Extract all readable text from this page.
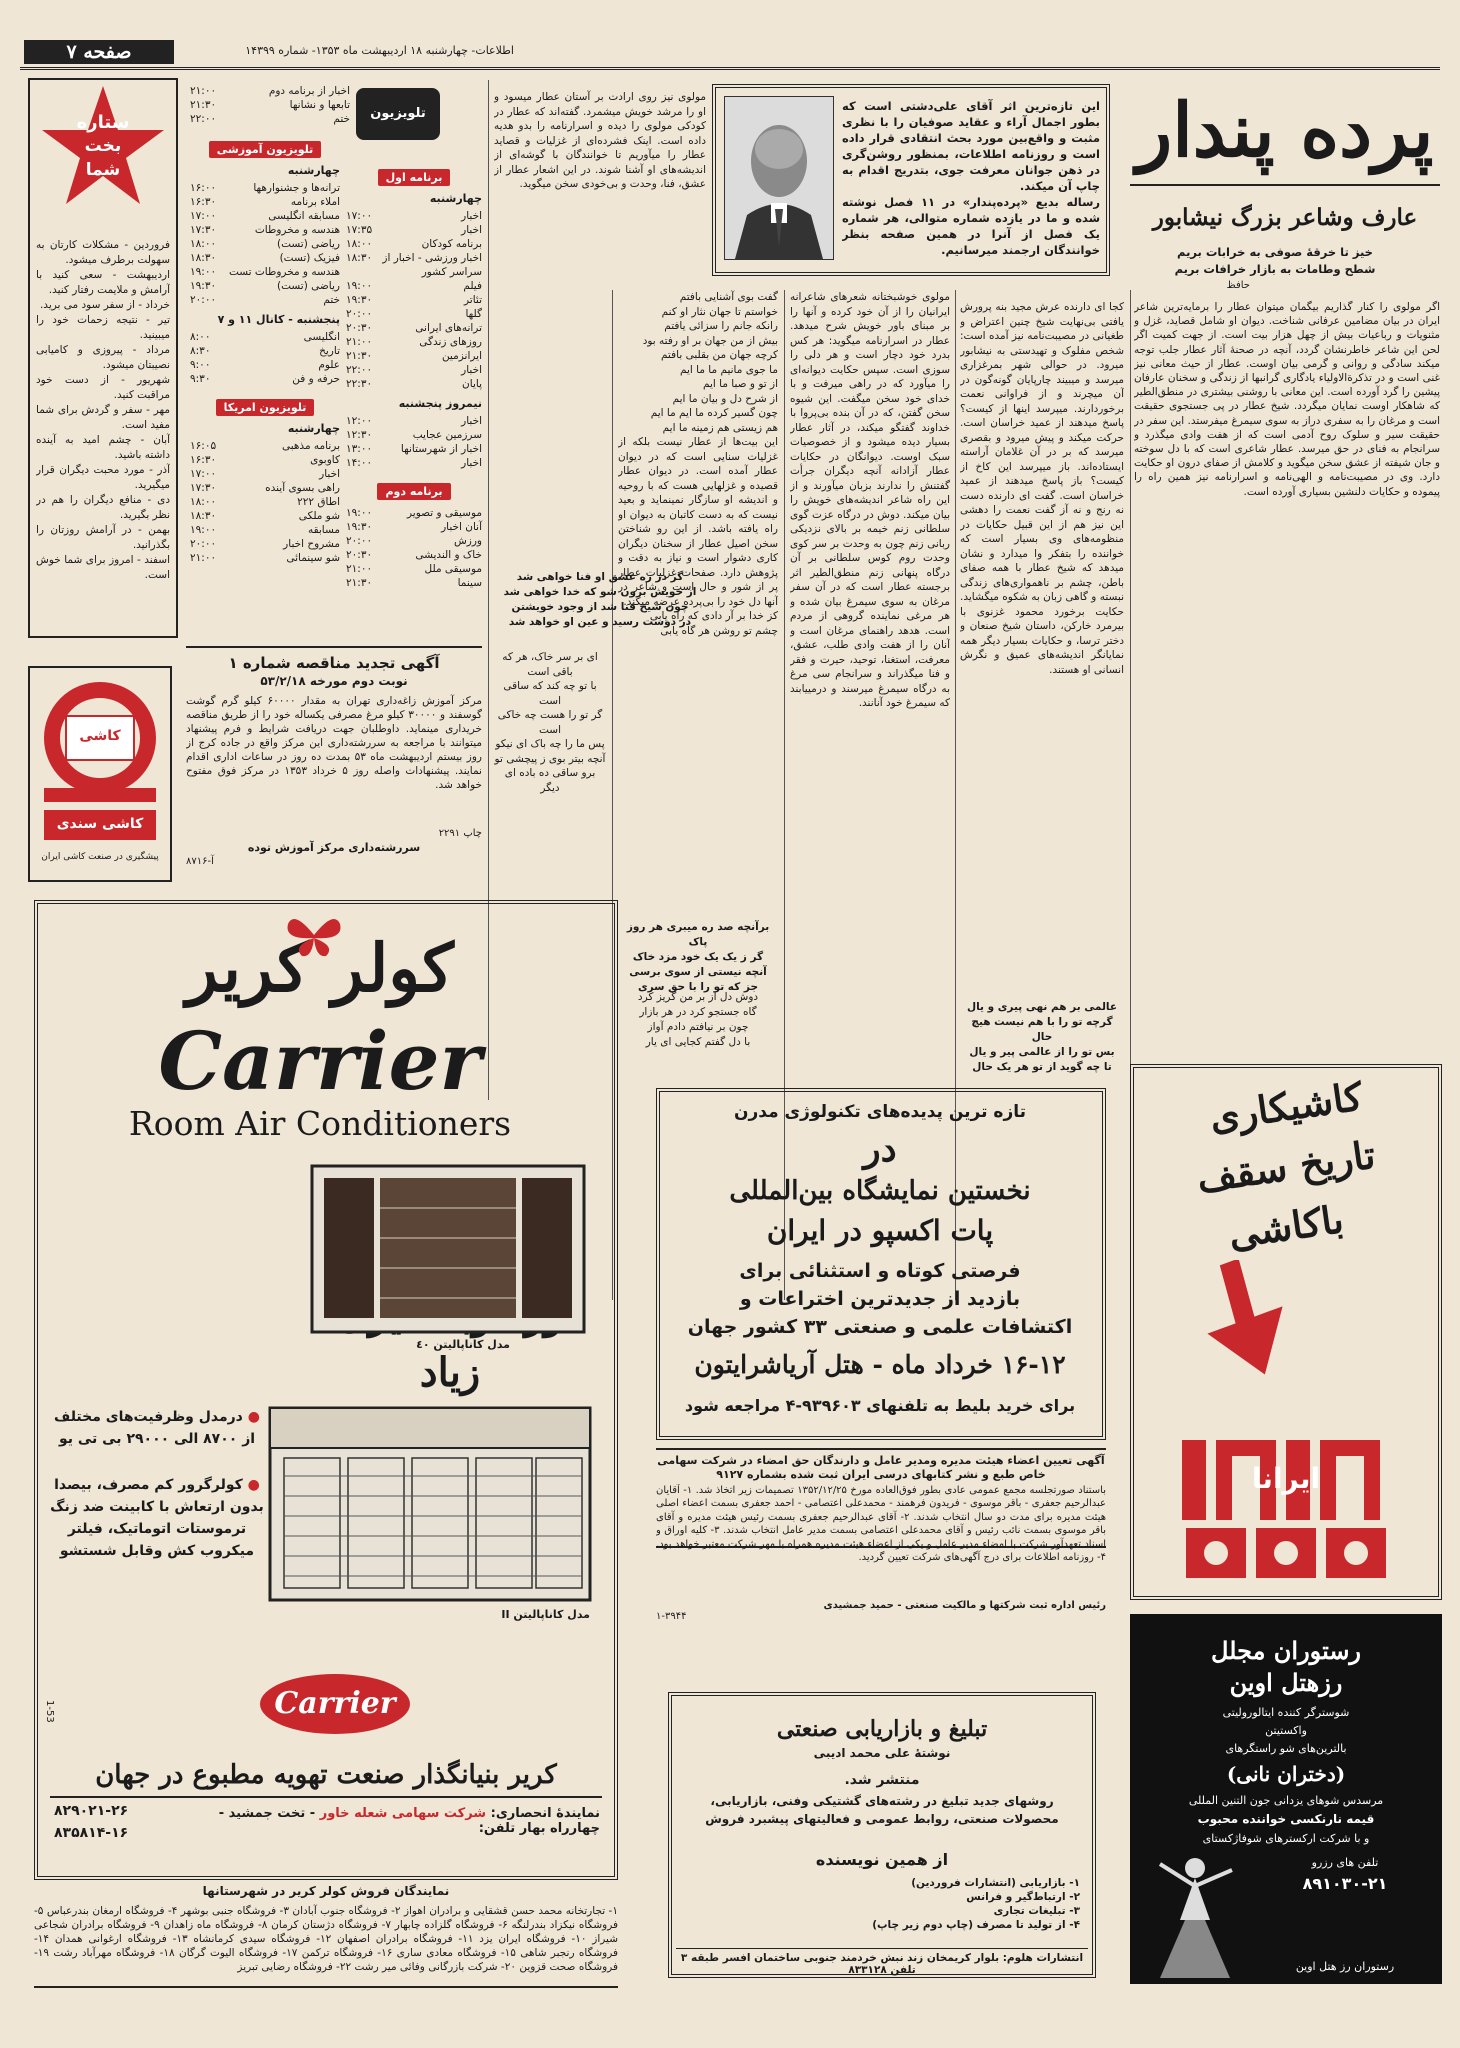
صفحه ۷	اطلاعات- چهارشنبه ۱۸ اردیبهشت ماه ۱۳۵۳- شماره ۱۴۳۹۹
پرده پندار
عارف وشاعر بزرگ نیشابور
خیز تا خرقهٔ صوفی به خرابات بریم
شطح وطامات به بازار خرافات بریم
حافظ
این تازه‌ترین اثر آقای علی‌دشتی است که بطور اجمال آراء و عقاید صوفیان را با نظری مثبت و واقع‌بین مورد بحث انتقادی قرار داده است و روزنامه اطلاعات، بمنظور روشن‌گری در ذهن جوانان معرفت جوی، بتدریج اقدام به چاپ آن میکند.
رساله بدیع «پرده‌پندار» در ۱۱ فصل نوشته شده و ما در یازده شماره متوالی، هر شماره یک فصل از آنرا در همین صفحه بنظر خوانندگان ارجمند میرسانیم.
اگر مولوی را کنار گذاریم بیگمان میتوان عطار را برمایه‌ترین شاعر ایران در بیان مضامین عرفانی شناخت. دیوان او شامل قصاید، غزل و مثنویات و رباعیات بیش از چهل هزار بیت است. از جهت کمیت اگر لحن این شاعر خاطرنشان گردد، آنچه در صحنهٔ آثار عطار جلب توجه میکند سادگی و روانی و گرمی بیان اوست. عطار از حیث معانی نیز غنی است و در تذکرة‌الاولیاء یادگاری گرانبها از زندگی و سخنان عارفان پیشین را گرد آورده است. این معانی با روشنی بیشتری در منطق‌الطیر که شاهکار اوست نمایان میگردد. شیخ عطار در پی جستجوی حقیقت است و مرغان را به سفری دراز به سوی سیمرغ میفرستد. این سفر در حقیقت سیر و سلوک روح آدمی است که از هفت وادی میگذرد و سرانجام به فنای در حق میرسد. عطار شاعری است که با دل سوخته و جان شیفته از عشق سخن میگوید و کلامش از صفای درون او حکایت دارد. وی در مصیبت‌نامه و الهی‌نامه و اسرارنامه نیز همین راه را پیموده و حکایات دلنشین بسیاری آورده است.
کجا ای دارنده عرش مجید بنه پرورش یافتی بی‌نهایت شیخ چنین اعتراض و طغیانی در مصیبت‌نامه نیز آمده است: شخص مفلوک و تهیدستی به نیشابور میرود. در حوالی شهر بمرغزاری میرسد و میبیند چارپایان گونه‌گون در آن میچرند و از فراوانی نعمت برخوردارند. میپرسد اینها از کیست؟ پاسخ میدهند از عمید خراسان است. حرکت میکند و پیش میرود و بقصری میرسد که بر در آن غلامان آراسته ایستاده‌اند. باز میپرسد این کاخ از کیست؟ باز پاسخ میدهند از عمید خراسان است. گفت ای دارنده دست نه رنج و نه آز گفت نعمت را دهشی این نیز هم از این قبیل حکایات در منظومه‌های وی بسیار است که خواننده را بتفکر وا میدارد و نشان میدهد که شیخ عطار با همه صفای باطن، چشم بر ناهمواری‌های زندگی نبسته و گاهی زبان به شکوه میگشاید. حکایت برخورد محمود غزنوی با بیرمرد خارکن، داستان شیخ صنعان و دختر ترسا، و حکایات بسیار دیگر همه نمایانگر اندیشه‌های عمیق و نگرش انسانی او هستند.
عالمی بر هم نهی پیری و یال
گرچه تو را با هم نیست هیچ حال
بس تو را از عالمی پیر و یال
تا چه گوید از تو هر یک حال
مولوی خوشبختانه شعرهای شاعرانه ایرانیان را از آن خود کرده و آنها را بر مبنای باور خویش شرح میدهد. عطار در اسرارنامه میگوید: هر کس بدرد خود دچار است و هر دلی را سوزی است. سپس حکایت دیوانه‌ای را میآورد که در راهی میرفت و با خدای خود سخن میگفت. این شیوه سخن گفتن، که در آن بنده بی‌پروا با خداوند گفتگو میکند، در آثار عطار بسیار دیده میشود و از خصوصیات سبک اوست. دیوانگان در حکایات عطار آزادانه آنچه دیگران جرأت گفتنش را ندارند بزبان میآورند و از این راه شاعر اندیشه‌های خویش را بیان میکند. دوش در درگاه عزت گوی سلطانی زنم خیمه بر بالای نزدیکی ربانی زنم چون به وحدت بر سر کوی وحدت روم کوس سلطانی بر آن درگاه پنهانی زنم منطق‌الطیر اثر برجسته عطار است که در آن سفر مرغان به سوی سیمرغ بیان شده و هر مرغی نماینده گروهی از مردم است. هدهد راهنمای مرغان است و آنان را از هفت وادی طلب، عشق، معرفت، استغنا، توحید، حیرت و فقر و فنا میگذراند و سرانجام سی مرغ به درگاه سیمرغ میرسند و درمییابند که سیمرغ خود آنانند.
گفت بوی آشنایی بافتم
خواستم تا جهان نثار او کنم
رانکه جانم را سزائی یافتم
بیش از من جهان بر او رفته بود
کرچه جهان من بقلبی بافتم
ما جوی مانیم ما ما ایم
از تو و صبا ما ایم
از شرح دل و بیان ما ایم
چون گسیر کرده ما ایم ما ایم
هم زیستی هم زمینه ما ایم
این بیت‌ها از عطار نیست بلکه از غزلیات سنایی است که در دیوان عطار آمده است. در دیوان عطار قصیده و غزلهایی هست که با روحیه و اندیشه او سازگار نمینماید و بعید نیست که به دست کاتبان به دیوان او راه یافته باشد. از این رو شناختن سخن اصیل عطار از سخنان دیگران کاری دشوار است و نیاز به دقت و پژوهش دارد. صفحات غزلیات عطار پر از شور و حال است و شاعر در آنها دل خود را بی‌پرده عرضه میکند.
کز خدا بر آر دادی که راه یابی
چشم تو روشن هر گاه یابی
برآنچه صد ره میبری هر روز پاک
گر ز یک یک خود مزد خاک
آنچه نیستی از سوی برسی
جز که تو را با حق سری
دوش دل از بر من گریز کرد
گاه جستجو کرد در هر بازار
چون بر نیافتم دادم آواز
با دل گفتم کجایی ای یار
مولوی نیز روی ارادت بر آستان عطار میسود و او را مرشد خویش میشمرد. گفته‌اند که عطار در کودکی مولوی را دیده و اسرارنامه را بدو هدیه داده است. اینک فشرده‌ای از غزلیات و قصاید عطار را میآوریم تا خوانندگان با گوشه‌ای از اندیشه‌های او آشنا شوند. در این اشعار عطار از عشق، فنا، وحدت و بی‌خودی سخن میگوید.
گر در ره عشق او فنا خواهی شد
از خویش برون شو که خدا خواهی شد
چون شیخ فنا شد از وجود خویشتن
در دوست رسید و عین او خواهد شد
ای بر سر خاک، هر که باقی است
با تو چه کند که ساقی است
گر تو را هست چه خاکی است
پس ما را چه باک ای نیکو
آنچه بیتر بوی ز پیچشی تو
برو ساقی ده باده ای دیگر
تلویزیون
اخبار از برنامه دوم
۲۱:۰۰
تابعها و نشانها
۲۱:۳۰
ختم
۲۲:۰۰
برنامه اول
چهارشنبه
اخبار
۱۷:۰۰
اخبار
۱۷:۳۵
برنامه کودکان
۱۸:۰۰
اخبار ورزشی - اخبار از سراسر کشور
۱۸:۳۰
فیلم
۱۹:۰۰
تئاتر
۱۹:۳۰
گلها
۲۰:۰۰
ترانه‌های ایرانی
۲۰:۳۰
روزهای زندگی
۲۱:۰۰
ایرانزمین
۲۱:۳۰
اخبار
۲۲:۰۰
پایان
۲۲:۳۰
نیمروز پنجشنبه
اخبار
۱۲:۰۰
سرزمین عجایب
۱۲:۳۰
اخبار از شهرستانها
۱۳:۰۰
اخبار
۱۴:۰۰
برنامه دوم
موسیقی و تصویر
۱۹:۰۰
آنان اخبار
۱۹:۳۰
ورزش
۲۰:۰۰
خاک و الندیشی
۲۰:۳۰
موسیقی ملل
۲۱:۰۰
سینما
۲۱:۳۰
تلویزیون آموزشی
چهارشنبه
ترانه‌ها و جشنوارهها
۱۶:۰۰
املاء برنامه
۱۶:۳۰
مسابقه انگلیسی
۱۷:۰۰
هندسه و مخروطات
۱۷:۳۰
ریاضی (تست)
۱۸:۰۰
فیزیک (تست)
۱۸:۳۰
هندسه و مخروطات تست
۱۹:۰۰
ریاضی (تست)
۱۹:۳۰
ختم
۲۰:۰۰
پنجشنبه - کانال ۱۱ و ۷
انگلیسی
۸:۰۰
تاریخ
۸:۳۰
علوم
۹:۰۰
حرفه و فن
۹:۳۰
تلویزیون امریکا
چهارشنبه
برنامه مذهبی
۱۶:۰۵
کاوبوی
۱۶:۳۰
اخبار
۱۷:۰۰
راهی بسوی آینده
۱۷:۳۰
اطاق ۲۲۲
۱۸:۰۰
شو ملکی
۱۸:۳۰
مسابقه
۱۹:۰۰
مشروح اخبار
۲۰:۰۰
شو سینمائی
۲۱:۰۰
ستاره
بخت
شما
فروردین - مشکلات کارتان به سهولت برطرف میشود.
اردیبهشت - سعی کنید با آرامش و ملایمت رفتار کنید.
خرداد - از سفر سود می برید.
تیر - نتیجه زحمات خود را میبینید.
مرداد - پیروزی و کامیابی نصیبتان میشود.
شهریور - از دست خود مراقبت کنید.
مهر - سفر و گردش برای شما مفید است.
آبان - چشم امید به آینده داشته باشید.
آذر - مورد محبت دیگران قرار میگیرید.
دی - منافع دیگران را هم در نظر بگیرید.
بهمن - در آرامش روزتان را بگذرانید.
اسفند - امروز برای شما خوش است.
کاشی
کاشی سندی
پیشگیری در صنعت کاشی ایران
آگهی تجدید مناقصه شماره ۱
نوبت دوم مورخه ۵۳/۲/۱۸
مرکز آموزش زاغه‌داری تهران به مقدار ۶۰۰۰۰ کیلو گرم گوشت گوسفند و ۳۰۰۰۰ کیلو مرغ مصرفی یکساله خود را از طریق مناقصه خریداری مینماید. داوطلبان جهت دریافت شرایط و فرم پیشنهاد میتوانند با مراجعه به سررشته‌داری این مرکز واقع در جاده کرج از روز بیستم اردیبهشت ماه ۵۳ بمدت ده روز در ساعات اداری اقدام نمایند. پیشنهادات واصله روز ۵ خرداد ۱۳۵۳ در مرکز فوق مفتوح خواهد شد.
چاپ ۲۲۹۱
سررشته‌داری مرکز آموزش توده
آ-۸۷۱۶
کولر کریر
Carrier
Room Air Conditioners
زیاد
مدل کاناپالیتن ٤٠
مدل کاناپالیتن II
● درمدل وظرفیت‌های مختلف از ۸۷۰۰ الی ۲۹۰۰۰ بی تی یو
● کولرگرور کم مصرف، بیصدا بدون ارتعاش با کابینت ضد زنگ ترموستات اتوماتیک، فیلتر میکروب کش وقابل شستشو
Carrier
1-53
کریر بنیانگذار صنعت تهویه مطبوع در جهان
نمایندهٔ انحصاری: شرکت سهامی شعله خاور - تخت جمشید - چهارراه بهار تلفن:
۸۲۹۰۲۱-۲۶
۸۳۵۸۱۴-۱۶
نمایندگان فروش کولر کریر در شهرستانها
۱- تجارتخانه محمد حسن قشقایی و برادران اهواز ۲- فروشگاه جنوب آبادان ۳- فروشگاه جنبی بوشهر ۴- فروشگاه ارمغان بندرعباس ۵- فروشگاه نیکزاد بندرلنگه ۶- فروشگاه گلزاده چابهار ۷- فروشگاه دژستان کرمان ۸- فروشگاه ماه زاهدان ۹- فروشگاه برادران شجاعی شیراز ۱۰- فروشگاه ایران یزد ۱۱- فروشگاه برادران اصفهان ۱۲- فروشگاه سیدی کرمانشاه ۱۳- فروشگاه ارغوانی همدان ۱۴- فروشگاه رنجبر شاهی ۱۵- فروشگاه معادی ساری ۱۶- فروشگاه ترکمن ۱۷- فروشگاه الیوت گرگان ۱۸- فروشگاه مهرآباد رشت ۱۹- فروشگاه صحت قزوین ۲۰- شرکت بازرگانی وفائی میر رشت ۲۲- فروشگاه رضایی تبریز
تازه ترین پدیده‌های تکنولوژی مدرن
در
نخستین نمایشگاه بین‌المللی
پات اکسپو در ایران
فرصتی کوتاه و استثنائی برای
بازدید از جدیدترین اختراعات و
اکتشافات علمی و صنعتی ۳۳ کشور جهان
۱۶-۱۲ خرداد ماه - هتل آریاشرایتون
برای خرید بلیط به تلفنهای ۹۳۹۶۰۳-۴ مراجعه شود
آگهی تعیین اعضاء هیئت مدیره ومدیر عامل و دارندگان حق امضاء در شرکت سهامی خاص طبع و نشر کتابهای درسی ایران ثبت شده بشماره ۹۱۲۷
باستناد صورتجلسه مجمع عمومی عادی بطور فوق‌العاده مورخ ۱۳۵۲/۱۲/۲۵ تصمیمات زیر اتخاذ شد. ۱- آقایان عبدالرحیم جعفری - باقر موسوی - فریدون فرهمند - محمدعلی اعتصامی - احمد جعفری بسمت اعضاء اصلی هیئت مدیره برای مدت دو سال انتخاب شدند. ۲- آقای عبدالرحیم جعفری بسمت رئیس هیئت مدیره و آقای باقر موسوی بسمت نائب رئیس و آقای محمدعلی اعتصامی بسمت مدیر عامل انتخاب شدند. ۳- کلیه اوراق و اسناد تعهدآور شرکت با امضاء مدیر عامل و یکی از اعضاء هیئت مدیره همراه با مهر شرکت معتبر خواهد بود. ۴- روزنامه اطلاعات برای درج آگهی‌های شرکت تعیین گردید.
رئیس اداره ثبت شرکتها و مالکیت صنعتی - حمید جمشیدی
۱-۳۹۴۴
تبلیغ و بازاریابی صنعتی
نوشتهٔ علی محمد ادیبی
منتشر شد.
روشهای جدید تبلیغ در رشته‌های گشتیکی وفنی، بازاریابی، محصولات صنعتی، روابط عمومی و فعالیتهای پیشبرد فروش
از همین نویسنده

۱- بازاریابی (انتشارات فروردین)

۲- ارتباط‌گیر و فرانس

۳- تبلیغات تجاری

۴- از تولید تا مصرف (چاپ دوم زیر چاپ)

انتشارات هلوم: بلوار کریمخان زند نبش خردمند جنوبی ساختمان افسر طبقه ۳ تلفن ۸۳۳۱۲۸
کاشیکاری
تاریخ سقف
باکاشی
ایرانا
رستوران مجلل
رزهتل اوین
شوسترگر کننده ایتالورولیتی
واکستیتن
بالترین‌های شو راستگر‌های
(دختران نانی)
مرسدس شوهای یزدانی جون التنین المللی
قیمه نارنکسی خواننده محبوب
و با شرکت ارکسترهای شوفاژکستای
تلفن های رزرو
۸۹۱۰۳۰-۲۱
رستوران رز هتل اوین
